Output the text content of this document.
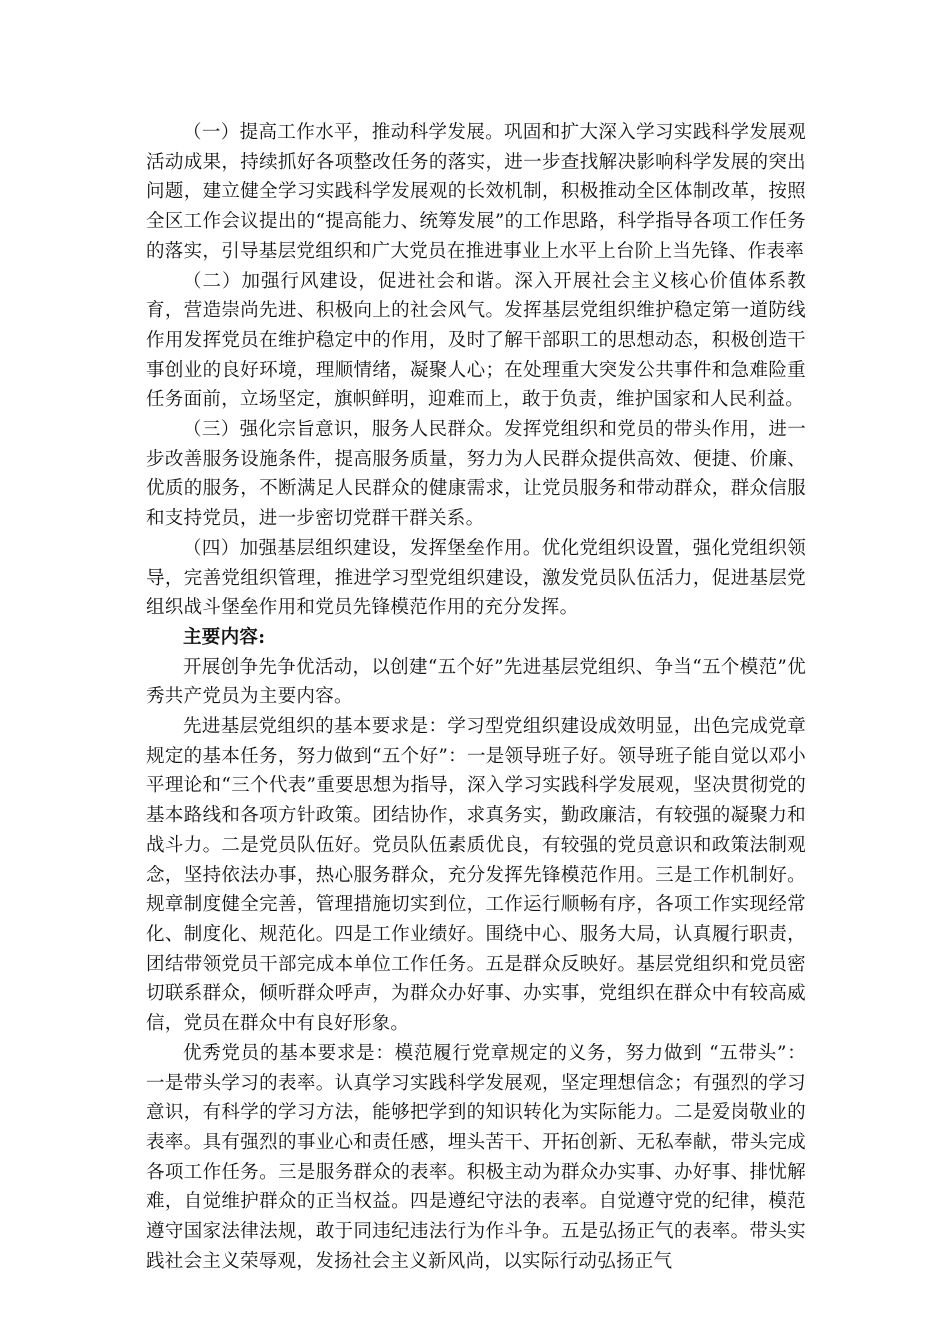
（一）提高工作水平，推动科学发展。巩固和扩大深入学习实践科学发展观活动成果，持续抓好各项整改任务的落实，进一步查找解决影响科学发展的突出问题，建立健全学习实践科学发展观的长效机制，积极推动全区体制改革，按照全区工作会议提出的“提高能力、统筹发展”的工作思路，科学指导各项工作任务的落实，引导基层党组织和广大党员在推进事业上水平上台阶上当先锋、作表率

（二）加强行风建设，促进社会和谐。深入开展社会主义核心价值体系教育，营造崇尚先进、积极向上的社会风气。发挥基层党组织维护稳定第一道防线作用发挥党员在维护稳定中的作用，及时了解干部职工的思想动态，积极创造干事创业的良好环境，理顺情绪，凝聚人心；在处理重大突发公共事件和急难险重任务面前，立场坚定，旗帜鲜明，迎难而上，敢于负责，维护国家和人民利益。

（三）强化宗旨意识，服务人民群众。发挥党组织和党员的带头作用，进一步改善服务设施条件，提高服务质量，努力为人民群众提供高效、便捷、价廉、优质的服务，不断满足人民群众的健康需求，让党员服务和带动群众，群众信服和支持党员，进一步密切党群干群关系。

（四）加强基层组织建设，发挥堡垒作用。优化党组织设置，强化党组织领导，完善党组织管理，推进学习型党组织建设，激发党员队伍活力，促进基层党组织战斗堡垒作用和党员先锋模范作用的充分发挥。

主要内容:

开展创争先争优活动，以创建“五个好”先进基层党组织、争当“五个模范”优秀共产党员为主要内容。

先进基层党组织的基本要求是：学习型党组织建设成效明显，出色完成党章规定的基本任务，努力做到“五个好”：一是领导班子好。领导班子能自觉以邓小平理论和“三个代表”重要思想为指导，深入学习实践科学发展观，坚决贯彻党的基本路线和各项方针政策。团结协作，求真务实，勤政廉洁，有较强的凝聚力和战斗力。二是党员队伍好。党员队伍素质优良，有较强的党员意识和政策法制观念，坚持依法办事，热心服务群众，充分发挥先锋模范作用。三是工作机制好。规章制度健全完善，管理措施切实到位，工作运行顺畅有序，各项工作实现经常化、制度化、规范化。四是工作业绩好。围绕中心、服务大局，认真履行职责，团结带领党员干部完成本单位工作任务。五是群众反映好。基层党组织和党员密切联系群众，倾听群众呼声，为群众办好事、办实事，党组织在群众中有较高威信，党员在群众中有良好形象。

优秀党员的基本要求是：模范履行党章规定的义务，努力做到 “五带头”：一是带头学习的表率。认真学习实践科学发展观，坚定理想信念；有强烈的学习意识，有科学的学习方法，能够把学到的知识转化为实际能力。二是爱岗敬业的表率。具有强烈的事业心和责任感，埋头苦干、开拓创新、无私奉献，带头完成各项工作任务。三是服务群众的表率。积极主动为群众办实事、办好事、排忧解难，自觉维护群众的正当权益。四是遵纪守法的表率。自觉遵守党的纪律，模范遵守国家法律法规，敢于同违纪违法行为作斗争。五是弘扬正气的表率。带头实践社会主义荣辱观，发扬社会主义新风尚，以实际行动弘扬正气
